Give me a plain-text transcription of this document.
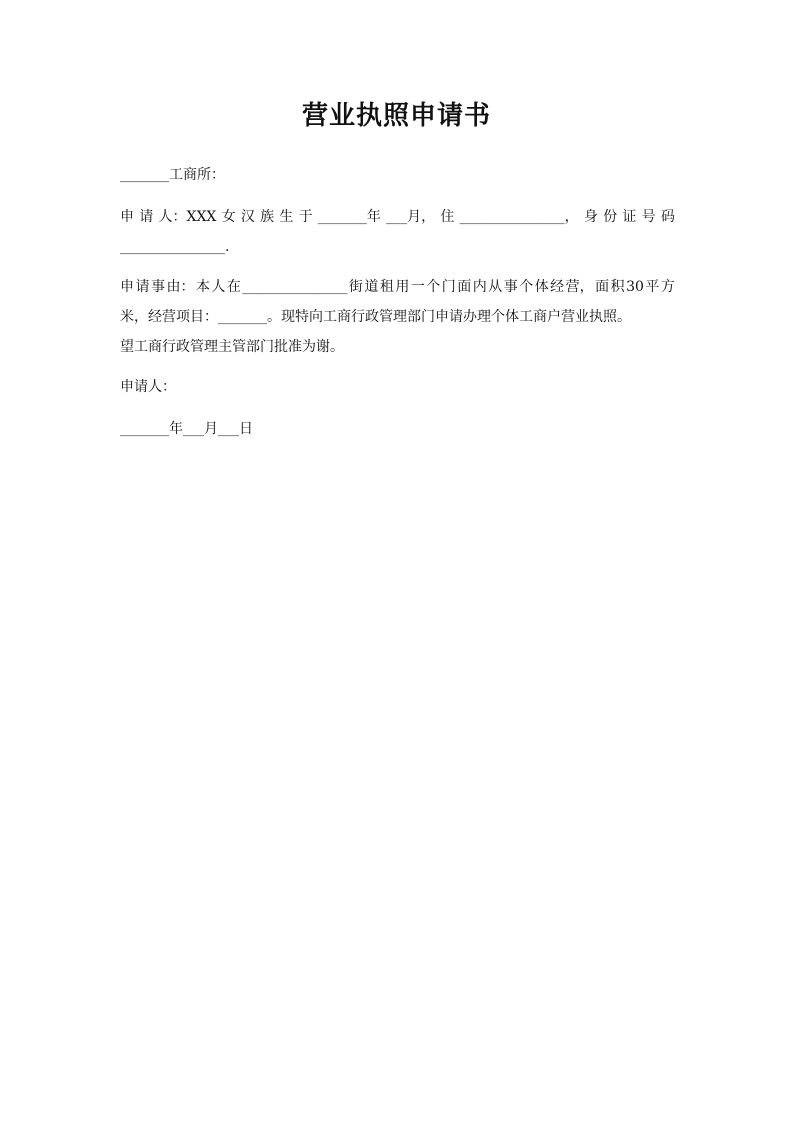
营业执照申请书
_______工商所：
申 请 人：XXX 女 汉 族 生 于 _______年 ___月， 住 _______________， 身 份 证 号 码
_______________.
申 请 事 由： 本 人 在 _______________ 街 道 租 用 一 个 门 面 内 从 事 个 体 经 营， 面 积 30 平 方
米，经营项目：_______。现特向工商行政管理部门申请办理个体工商户营业执照。
望工商行政管理主管部门批准为谢。
申请人：
_______年___月___日
